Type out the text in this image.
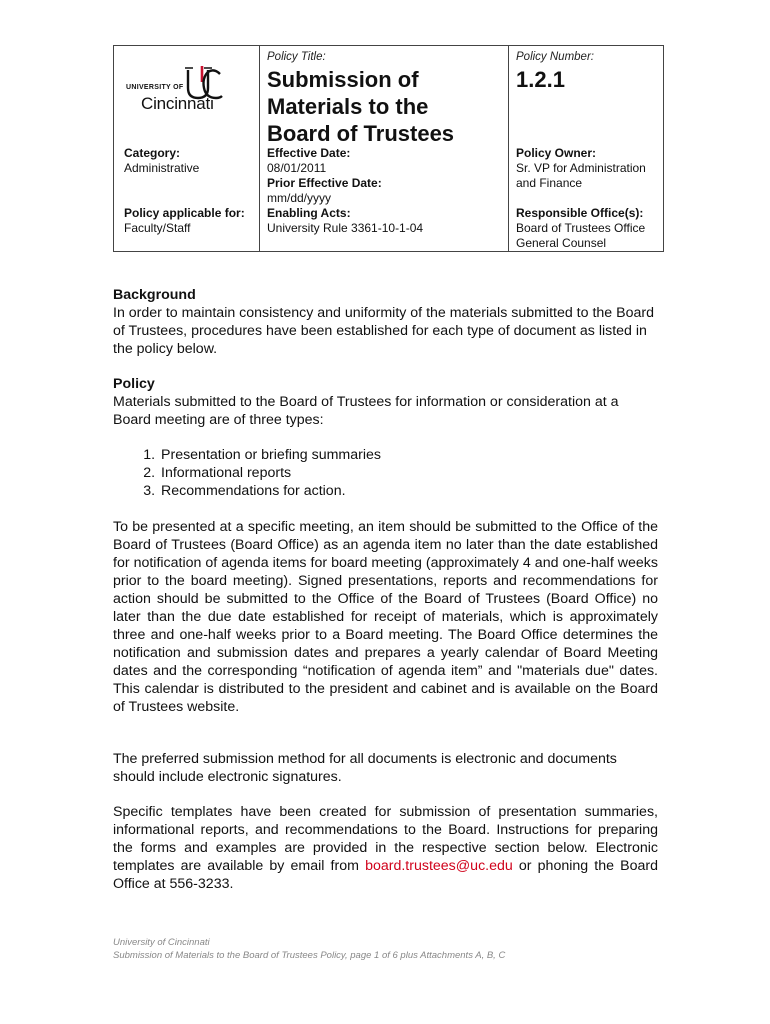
UNIVERSITY OF
Cincinnati
Category:
Administrative
Policy applicable for:
Faculty/Staff
Policy Title:
Submission of
Materials to the
Board of Trustees
Effective Date:
08/01/2011
Prior Effective Date:
mm/dd/yyyy
Enabling Acts:
University Rule 3361-10-1-04
Policy Number:
1.2.1
Policy Owner:
Sr. VP for Administration
and Finance
Responsible Office(s):
Board of Trustees Office
General Counsel
Background
In order to maintain consistency and uniformity of the materials submitted to the Board of Trustees, procedures have been established for each type of document as listed in the policy below.
Policy
Materials submitted to the Board of Trustees for information or consideration at a Board meeting are of three types:
1. Presentation or briefing summaries
2. Informational reports
3. Recommendations for action.
To be presented at a specific meeting, an item should be submitted to the Office of the Board of Trustees (Board Office) as an agenda item no later than the date established for notification of agenda items for board meeting (approximately 4 and one-half weeks prior to the board meeting). Signed presentations, reports and recommendations for action should be submitted to the Office of the Board of Trustees (Board Office) no later than the due date established for receipt of materials, which is approximately three and one-half weeks prior to a Board meeting. The Board Office determines the notification and submission dates and prepares a yearly calendar of Board Meeting dates and the corresponding “notification of agenda item” and "materials due" dates. This calendar is distributed to the president and cabinet and is available on the Board of Trustees website.
The preferred submission method for all documents is electronic and documents should include electronic signatures.
Specific templates have been created for submission of presentation summaries, informational reports, and recommendations to the Board. Instructions for preparing the forms and examples are provided in the respective section below. Electronic templates are available by email from board.trustees@uc.edu or phoning the Board Office at 556-3233.
University of Cincinnati
Submission of Materials to the Board of Trustees Policy, page 1 of 6 plus Attachments A, B, C
